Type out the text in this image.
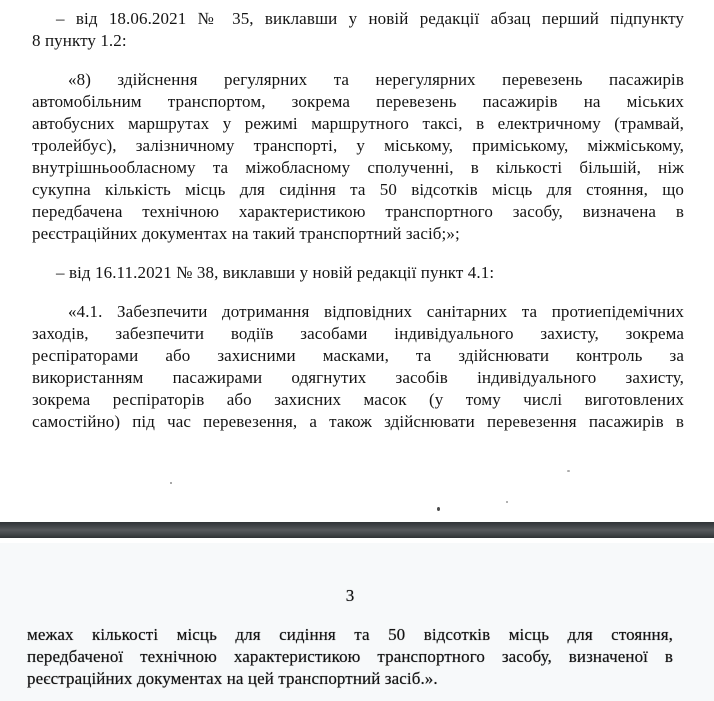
– від 18.06.2021 № 35, виклавши у новій редакції абзац перший підпункту
8 пункту 1.2:
«8) здійснення регулярних та нерегулярних перевезень пасажирів
автомобільним транспортом, зокрема перевезень пасажирів на міських
автобусних маршрутах у режимі маршрутного таксі, в електричному (трамвай,
тролейбус), залізничному транспорті, у міському, приміському, міжміському,
внутрішньообласному та міжобласному сполученні, в кількості більшій, ніж
сукупна кількість місць для сидіння та 50 відсотків місць для стояння, що
передбачена технічною характеристикою транспортного засобу, визначена в
реєстраційних документах на такий транспортний засіб;»;
– від 16.11.2021 № 38, виклавши у новій редакції пункт 4.1:
«4.1. Забезпечити дотримання відповідних санітарних та протиепідемічних
заходів, забезпечити водіїв засобами індивідуального захисту, зокрема
респіраторами або захисними масками, та здійснювати контроль за
використанням пасажирами одягнутих засобів індивідуального захисту,
зокрема респіраторів або захисних масок (у тому числі виготовлених
самостійно) під час перевезення, а також здійснювати перевезення пасажирів в
3
межах кількості місць для сидіння та 50 відсотків місць для стояння,
передбаченої технічною характеристикою транспортного засобу, визначеної в
реєстраційних документах на цей транспортний засіб.».
